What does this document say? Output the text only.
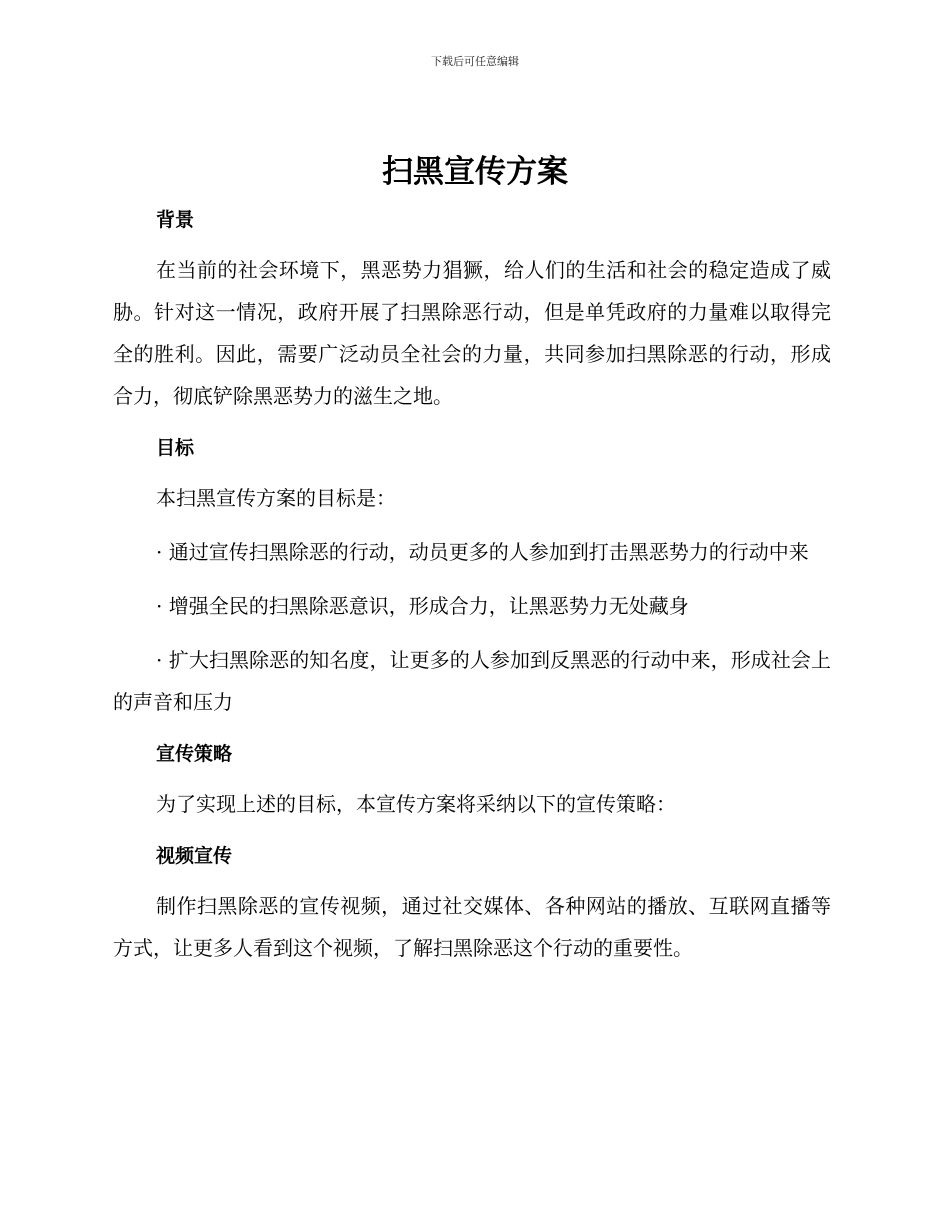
下载后可任意编辑
扫黑宣传方案

背景

在当前的社会环境下，黑恶势力猖獗，给人们的生活和社会的稳定造成了威胁。针对这一情况，政府开展了扫黑除恶行动，但是单凭政府的力量难以取得完全的胜利。因此，需要广泛动员全社会的力量，共同参加扫黑除恶的行动，形成合力，彻底铲除黑恶势力的滋生之地。

目标

本扫黑宣传方案的目标是：

· 通过宣传扫黑除恶的行动，动员更多的人参加到打击黑恶势力的行动中来

· 增强全民的扫黑除恶意识，形成合力，让黑恶势力无处藏身

· 扩大扫黑除恶的知名度，让更多的人参加到反黑恶的行动中来，形成社会上的声音和压力

宣传策略

为了实现上述的目标，本宣传方案将采纳以下的宣传策略：

视频宣传

制作扫黑除恶的宣传视频，通过社交媒体、各种网站的播放、互联网直播等方式，让更多人看到这个视频，了解扫黑除恶这个行动的重要性。
